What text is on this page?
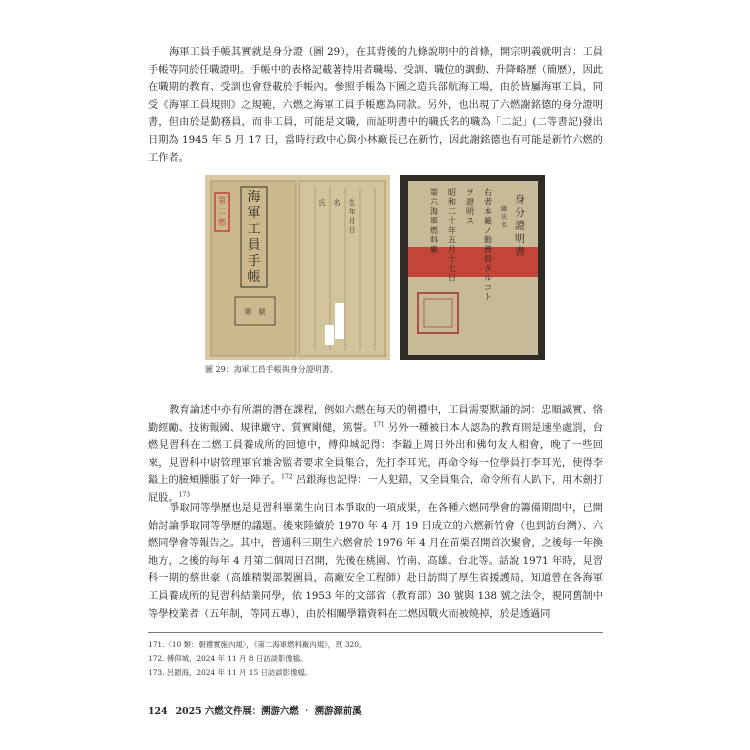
海軍工員手帳其實就是身分證（圖 29），在其背後的九條說明中的首條，開宗明義就明言：工員手帳等同於任職證明。手帳中的表格記載著持用者職場、受訓、職位的調動、升降略歷（簡歷），因此在職期的教育、受訓也會登載於手帳內。參照手帳為下圖之造兵部航海工場，由於皆屬海軍工員，同受《海軍工員規則》之規範，六燃之海軍工員手帳應為同款。另外，也出現了六燃謝銘德的身分證明書，但由於是勤務員，而非工員，可能是文職，而証明書中的職氏名的職為「二記」(二等書記)發出日期為 1945 年 5 月 17 日，當時行政中心與小林廠長已在新竹，因此謝銘德也有可能是新竹六燃的工作者。

海軍工員手帳
第　號
氏 名 生年月日
第二燃
右者本廠ノ勤務員タルコト
ヲ證明ス
昭和二十年五月十七日
第六海軍燃料廠
身分證明書
職氏名

圖 29：海軍工員手帳與身分證明書。

教育論述中亦有所謂的潛在課程，例如六燃在每天的朝禮中，工員需要默誦的詞：忠順誠實、恪勤經勵、技術報國、規律嚴守、質實剛健，篤誓。$^{171}$ 另外一種被日本人認為的教育則是速坐處罰，台燃見習科在二燃工員養成所的回憶中，傅仰城記得：李鎰上周日外出和佛句友人相會，晚了一些回來，見習科中尉管理軍官兼舍監者要求全員集合，先打李耳光，再命令每一位學員打李耳光，使得李鎰上的臉頰腫脹了好一陣子。$^{172}$ 呂銀海也記得：一人犯錯，又全員集合，命令所有人趴下，用木劍打屁股。$^{173}$

爭取同等學歷也是見習科畢業生向日本爭取的一項成果，在各種六燃同學會的籌備期間中，已開始討論爭取同等學歷的議題。後來陸續於 1970 年 4 月 19 日成立的六燃新竹會（也到訪台灣）、六燃同學會等報告之。其中，普通科三期生六燃會於 1976 年 4 月在苗栗召開首次聚會，之後每一年換地方，之後的每年 4 月第二個周日召開，先後在桃園、竹南、高雄、台北等。話說 1971 年時，見習科一期的蔡世豪（高雄精製部製圖員，高廠安全工程師）赴日訪問了厚生省援護局，知道曾在各海軍工員養成所的見習科結業同學，依 1953 年的文部省（教育部）30 號與 138 號之法令，視同舊制中等學校業者（五年制，等同五專），由於相關學籍資料在二燃因戰火而被燒掉，於是透過同

171.〈10 類：朝禮實施內規〉，《第二海軍燃料廠內規》，頁 320。

172. 傅仰城，2024 年 11 月 8 日訪談影像檔。

173. 呂銀海，2024 年 11 月 15 日訪談影像檔。

124 2025 六燃文件展：溯游六燃 ‧ 溯游源前溪
